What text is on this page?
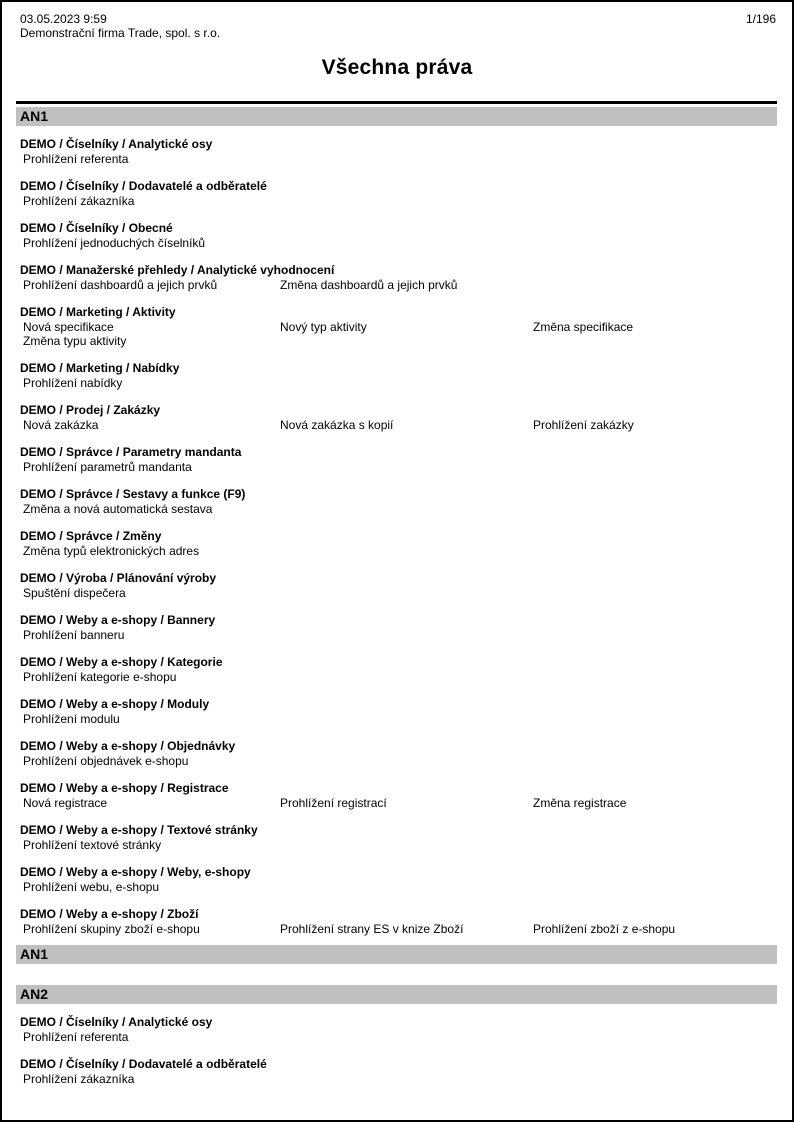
1/196
03.05.2023 9:59
Demonstrační firma Trade, spol. s r.o.
Všechna práva
AN1
DEMO / Číselníky / Analytické osy
Prohlížení referenta
DEMO / Číselníky / Dodavatelé a odběratelé
Prohlížení zákazníka
DEMO / Číselníky / Obecné
Prohlížení jednoduchých číselníků
DEMO / Manažerské přehledy / Analytické vyhodnocení
Prohlížení dashboardů a jejich prvků	Změna dashboardů a jejich prvků
DEMO / Marketing / Aktivity
Nová specifikace	Nový typ aktivity	Změna specifikace
Změna typu aktivity
DEMO / Marketing / Nabídky
Prohlížení nabídky
DEMO / Prodej / Zakázky
Nová zakázka	Nová zakázka s kopií	Prohlížení zakázky
DEMO / Správce / Parametry mandanta
Prohlížení parametrů mandanta
DEMO / Správce / Sestavy a funkce (F9)
Změna a nová automatická sestava
DEMO / Správce / Změny
Změna typů elektronických adres
DEMO / Výroba / Plánování výroby
Spuštění dispečera
DEMO / Weby a e-shopy / Bannery
Prohlížení banneru
DEMO / Weby a e-shopy / Kategorie
Prohlížení kategorie e-shopu
DEMO / Weby a e-shopy / Moduly
Prohlížení modulu
DEMO / Weby a e-shopy / Objednávky
Prohlížení objednávek e-shopu
DEMO / Weby a e-shopy / Registrace
Nová registrace	Prohlížení registrací	Změna registrace
DEMO / Weby a e-shopy / Textové stránky
Prohlížení textové stránky
DEMO / Weby a e-shopy / Weby, e-shopy
Prohlížení webu, e-shopu
DEMO / Weby a e-shopy / Zboží
Prohlížení skupiny zboží e-shopu	Prohlížení strany ES v knize Zboží	Prohlížení zboží z e-shopu
AN1
AN2
DEMO / Číselníky / Analytické osy
Prohlížení referenta
DEMO / Číselníky / Dodavatelé a odběratelé
Prohlížení zákazníka
